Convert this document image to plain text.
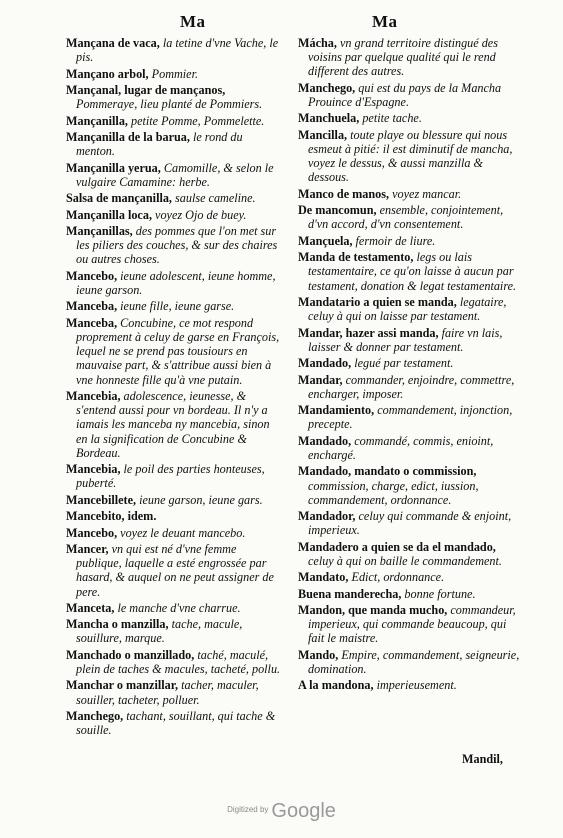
Ma	Ma
Mançana de vaca, la tetine d'vne Vache, le pis.
Mançano arbol, Pommier.
Mançanal, lugar de mançanos, Pommeraye, lieu planté de Pommiers.
Mançanilla, petite Pomme, Pommelette.
Mançanilla de la barua, le rond du menton.
Mançanilla yerua, Camomille, & selon le vulgaire Camamine: herbe.
Salsa de mançanilla, saulse cameline.
Mançanilla loca, voyez Ojo de buey.
Mançanillas, des pommes que l'on met sur les piliers des couches, & sur des chaires ou autres choses.
Mancebo, ieune adolescent, ieune homme, ieune garson.
Manceba, ieune fille, ieune garse.
Manceba, Concubine, ce mot respond proprement à celuy de garse en François, lequel ne se prend pas tousiours en mauvaise part, & s'attribue aussi bien à vne honneste fille qu'à vne putain.
Mancebia, adolescence, ieunesse, & s'entend aussi pour vn bordeau. Il n'y a iamais les manceba ny mancebia, sinon en la signification de Concubine & Bordeau.
Mancebia, le poil des parties honteuses, puberté.
Mancebillete, ieune garson, ieune gars.
Mancebito, idem.
Mancebo, voyez le deuant mancebo.
Mancer, vn qui est né d'vne femme publique, laquelle a esté engrossée par hasard, & auquel on ne peut assigner de pere.
Manceta, le manche d'vne charrue.
Mancha o manzilla, tache, macule, souillure, marque.
Manchado o manzillado, taché, maculé, plein de taches & macules, tacheté, pollu.
Manchar o manzillar, tacher, maculer, souiller, tacheter, polluer.
Manchego, tachant, souillant, qui tache & souille.
Mácha, vn grand territoire distingué des voisins par quelque qualité qui le rend different des autres.
Manchego, qui est du pays de la Mancha Prouince d'Espagne.
Manchuela, petite tache.
Mancilla, toute playe ou blessure qui nous esmeut à pitié: il est diminutif de mancha, voyez le dessus, & aussi manzilla & dessous.
Manco de manos, voyez mancar.
De mancomun, ensemble, conjointement, d'vn accord, d'vn consentement.
Mançuela, fermoir de liure.
Manda de testamento, legs ou lais testamentaire, ce qu'on laisse à aucun par testament, donation & legat testamentaire.
Mandatario a quien se manda, legataire, celuy à qui on laisse par testament.
Mandar, hazer assi manda, faire vn lais, laisser & donner par testament.
Mandado, legué par testament.
Mandar, commander, enjoindre, commettre, encharger, imposer.
Mandamiento, commandement, injonction, precepte.
Mandado, commandé, commis, enioint, enchargé.
Mandado, mandato o commission, commission, charge, edict, iussion, commandement, ordonnance.
Mandador, celuy qui commande & enjoint, imperieux.
Mandadero a quien se da el mandado, celuy à qui on baille le commandement.
Mandato, Edict, ordonnance.
Buena manderecha, bonne fortune.
Mandon, que manda mucho, commandeur, imperieux, qui commande beaucoup, qui fait le maistre.
Mando, Empire, commandement, seigneurie, domination.
A la mandona, imperieusement.
Mandil,
$^{Digitized by}$ Google
